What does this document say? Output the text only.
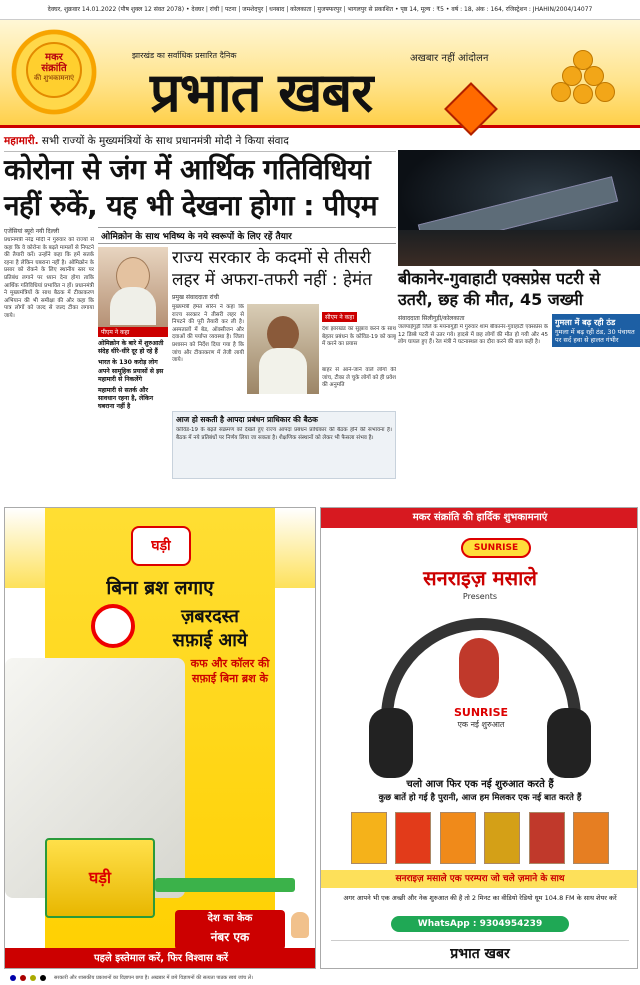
देवघर, शुक्रवार 14.01.2022 (पौष शुक्ल 12 संवत 2078) • देवघर | रांची | पटना | जमशेदपुर | धनबाद | कोलकाता | मुजफ्फरपुर | भागलपुर से प्रकाशित • पृष्ठ 14, मूल्य : ₹5 • वर्ष : 18, अंक : 164, रजिस्ट्रेशन : JHAHIN/2004/14077
मकर
संक्रांति
की शुभकामनाएं
झारखंड का सर्वाधिक प्रसारित दैनिक
प्रभात खबर
अखबार नहीं आंदोलन
महामारी. सभी राज्यों के मुख्यमंत्रियों के साथ प्रधानमंत्री मोदी ने किया संवाद
कोरोना से जंग में आर्थिक गतिविधियां
नहीं रुकें, यह भी देखना होगा : पीएम
एजेंसियां ब्यूरो नयी दिल्ली
प्रधानमंत्री नरेंद्र मोदी ने गुरुवार को राज्यों से कहा कि वे कोरोना के बढ़ते मामलों से निपटने की तैयारी करें। उन्होंने कहा कि हमें सतर्क रहना है लेकिन घबराना नहीं है। ओमिक्रोन के प्रसार को रोकने के लिए स्थानीय स्तर पर प्रतिबंध लगाने पर ध्यान देना होगा ताकि आर्थिक गतिविधियां प्रभावित न हों। प्रधानमंत्री ने मुख्यमंत्रियों के साथ बैठक में टीकाकरण अभियान की भी समीक्षा की और कहा कि पात्र लोगों को जल्द से जल्द टीका लगाया जाये।
ओमिक्रोन के साथ भविष्य के नये स्वरूपों के लिए रहें तैयार
पीएम ने कहा
ओमिक्रोन के बारे में शुरुआती संदेह धीरे-धीरे दूर हो रहे हैं
भारत के 130 करोड़ लोग अपने सामूहिक प्रयासों से इस महामारी से निकलेंगे
महामारी से सतर्क और सावधान रहना है, लेकिन घबराना नहीं है
राज्य सरकार के कदमों से तीसरी लहर में अफरा-तफरी नहीं : हेमंत
प्रमुख संवाददाता रांची
मुख्यमंत्री हेमंत सोरेन ने कहा कि राज्य सरकार ने तीसरी लहर से निपटने की पूरी तैयारी कर ली है। अस्पतालों में बेड, ऑक्सीजन और दवाओं की पर्याप्त व्यवस्था है। जिला प्रशासन को निर्देश दिया गया है कि जांच और टीकाकरण में तेजी लायी जाये।
सीएम ने कहा
देश झारखंड का सुझाव करने के साथ बेहतर प्रबंधन के कोविड-19 को काबू में करने का प्रयास
बाहर से आने-जाने वाले लोगों की जांच, टीका ले चुके लोगों को ही प्रवेश की अनुमति
आज हो सकती है आपदा प्रबंधन प्राधिकार की बैठक
कोविड-19 के बढ़ते संक्रमण को देखते हुए राज्य आपदा प्रबंधन प्राधिकार की बैठक होने की संभावना है। बैठक में नये प्रतिबंधों पर निर्णय लिया जा सकता है। शैक्षणिक संस्थानों को लेकर भी फैसला संभव है।
बीकानेर-गुवाहाटी एक्सप्रेस पटरी से उतरी, छह की मौत, 45 जख्मी
संवाददाता सिलीगुड़ी/कोलकाता
जलपाईगुड़ी जिले के मयनागुड़ी में गुरुवार शाम बीकानेर-गुवाहाटी एक्सप्रेस के 12 डिब्बे पटरी से उतर गये। हादसे में छह लोगों की मौत हो गयी और 45 लोग घायल हुए हैं। रेल मंत्री ने घटनास्थल का दौरा करने की बात कही है।
गुमला में बढ़ रही ठंड
गुमला में बढ़ रही ठंड, 30 पंचायत पर सर्द हवा से हालत गंभीर
घड़ी
बिना ब्रश लगाए
ज़बरदस्त
सफ़ाई आये
कफ और कॉलर की
सफ़ाई बिना ब्रश के
घड़ी
देश का केक
नंबर एक
पहले इस्तेमाल करें, फिर विश्वास करें
मकर संक्रांति की हार्दिक शुभकामनाएं
SUNRISE
सनराइज़ मसाले
Presents
SUNRISE
एक नई शुरुआत
चलो आज फिर एक नई शुरुआत करते हैं
कुछ बातें हो गई है पुरानी, आज हम मिलकर एक नई बात करते हैं
सनराइज़ मसाले एक परम्परा जो चले ज़माने के साथ
अगर आपने भी एक अच्छी और नेक शुरुआत की है तो 2 मिनट का वीडियो रेडियो धूम 104.8 FM के साथ शेयर करें
WhatsApp : 9304954239
प्रभात खबर
सरकारी और शासकीय प्रकाशनों का विज्ञापन छपा है। अखबार में छपे विज्ञापनों की सत्यता पाठक स्वयं जांच लें।
